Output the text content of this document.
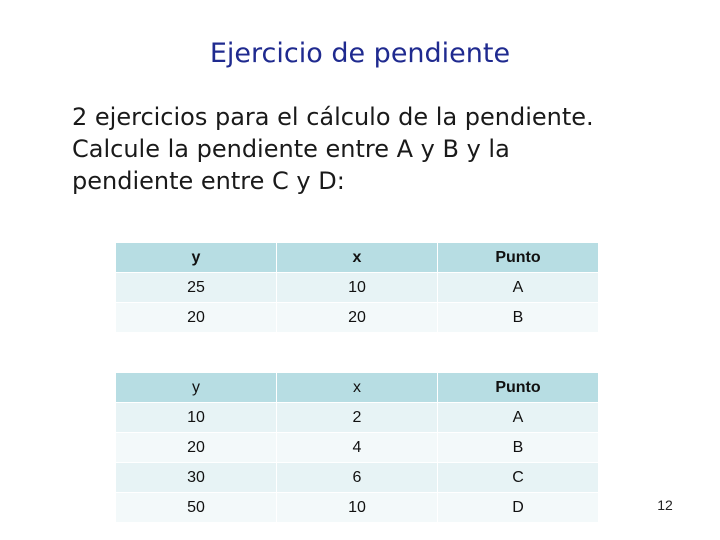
Ejercicio de pendiente

2 ejercicios para el cálculo de la pendiente.
Calcule la pendiente entre A y B y la
pendiente entre C y D:

y	x	Punto
25	10	A
20	20	B
y	x	Punto
10	2	A
20	4	B
30	6	C
50	10	D	12
